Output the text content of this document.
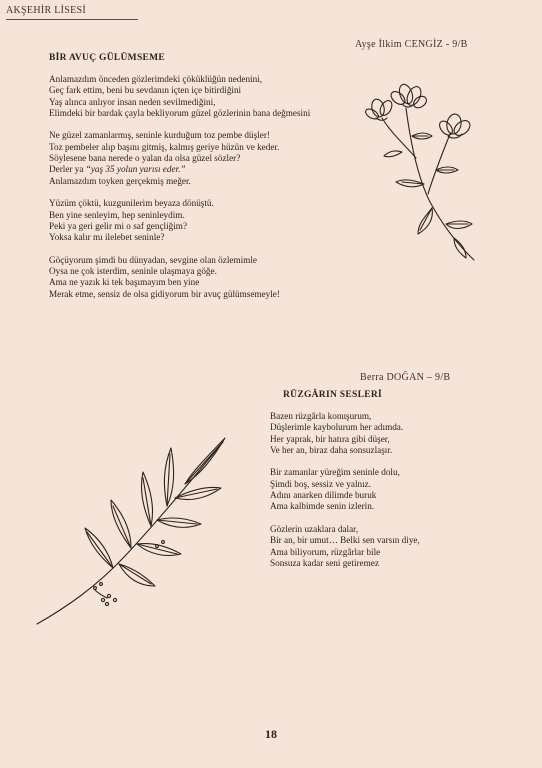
AKŞEHİR LİSESİ
Ayşe İlkim CENGİZ - 9/B
BİR AVUÇ GÜLÜMSEME
Anlamazdım önceden gözlerimdeki çöküklüğün nedenini,
Geç fark ettim, beni bu sevdanın içten içe bitirdiğini
Yaş alınca anlıyor insan neden sevilmediğini,
Elimdeki bir bardak çayla bekliyorum güzel gözlerinin bana değmesini
Ne güzel zamanlarmış, seninle kurduğum toz pembe düşler!
Toz pembeler alıp başını gitmiş, kalmış geriye hüzün ve keder.
Söylesene bana nerede o yalan da olsa güzel sözler?
Derler ya “yaş 35 yolun yarısı eder.”
Anlamazdım toyken gerçekmiş meğer.
Yüzüm çöktü, kuzgunilerim beyaza dönüştü.
Ben yine senleyim, hep seninleydim.
Peki ya geri gelir mi o saf gençliğim?
Yoksa kalır mı ilelebet seninle?
Göçüyorum şimdi bu dünyadan, sevgine olan özlemimle
Oysa ne çok isterdim, seninle ulaşmaya göğe.
Ama ne yazık ki tek başımayım ben yine
Merak etme, sensiz de olsa gidiyorum bir avuç gülümsemeyle!
Berra DOĞAN – 9/B
RÜZGÂRIN SESLERİ
Bazen rüzgârla konuşurum,
Düşlerimle kaybolurum her adımda.
Her yaprak, bir hatıra gibi düşer,
Ve her an, biraz daha sonsuzlaşır.
Bir zamanlar yüreğim seninle dolu,
Şimdi boş, sessiz ve yalnız.
Adını anarken dilimde buruk
Ama kalbimde senin izlerin.
Gözlerin uzaklara dalar,
Bir an, bir umut… Belki sen varsın diye,
Ama biliyorum, rüzgârlar bile
Sonsuza kadar seni getiremez
18
